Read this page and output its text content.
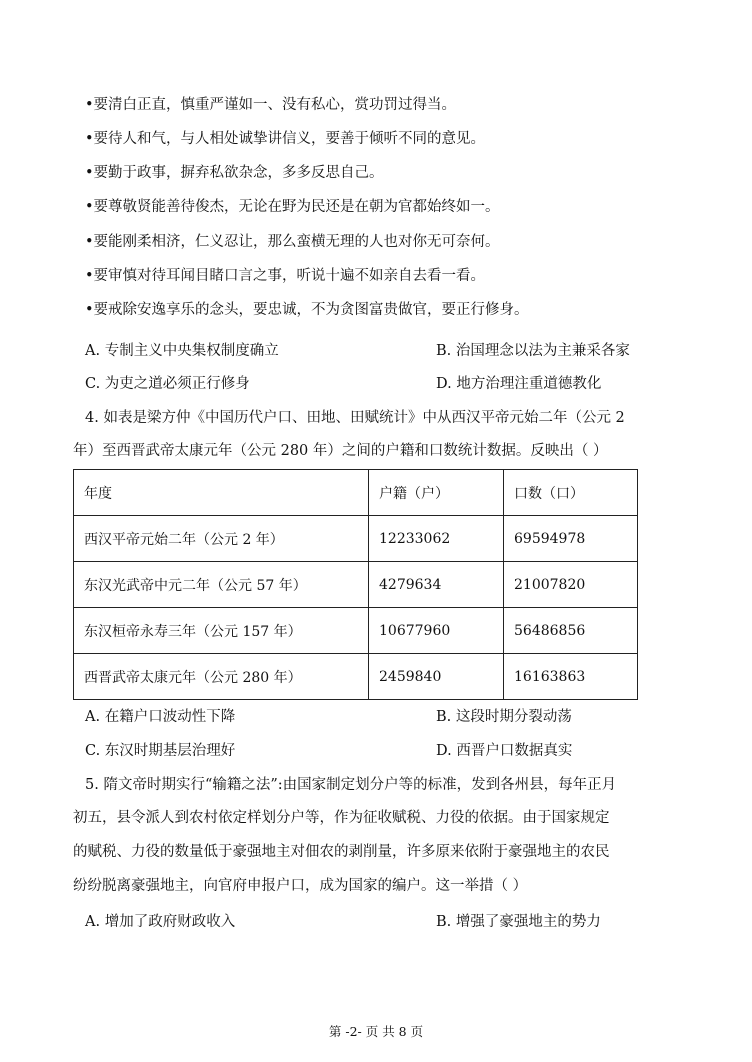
•要清白正直，慎重严谨如一、没有私心，赏功罚过得当。
•要待人和气，与人相处诚挚讲信义，要善于倾听不同的意见。
•要勤于政事，摒弃私欲杂念，多多反思自己。
•要尊敬贤能善待俊杰，无论在野为民还是在朝为官都始终如一。
•要能刚柔相济，仁义忍让，那么蛮横无理的人也对你无可奈何。
•要审慎对待耳闻目睹口言之事，听说十遍不如亲自去看一看。
•要戒除安逸享乐的念头，要忠诚，不为贪图富贵做官，要正行修身。
A. 专制主义中央集权制度确立	B. 治国理念以法为主兼采各家
C. 为吏之道必须正行修身	D. 地方治理注重道德教化
4. 如表是梁方仲《中国历代户口、田地、田赋统计》中从西汉平帝元始二年（公元 2
年）至西晋武帝太康元年（公元 280 年）之间的户籍和口数统计数据。反映出（ ）
年度	户籍（户）	口数（口）
西汉平帝元始二年（公元 2 年）	12233062	69594978
东汉光武帝中元二年（公元 57 年）	4279634	21007820
东汉桓帝永寿三年（公元 157 年）	10677960	56486856
西晋武帝太康元年（公元 280 年）	2459840	16163863
A. 在籍户口波动性下降	B. 这段时期分裂动荡
C. 东汉时期基层治理好	D. 西晋户口数据真实
5. 隋文帝时期实行“输籍之法”:由国家制定划分户等的标准，发到各州县，每年正月
初五，县令派人到农村依定样划分户等，作为征收赋税、力役的依据。由于国家规定
的赋税、力役的数量低于豪强地主对佃农的剥削量，许多原来依附于豪强地主的农民
纷纷脱离豪强地主，向官府申报户口，成为国家的编户。这一举措（ ）
A. 增加了政府财政收入	B. 增强了豪强地主的势力
第 -2- 页 共 8 页
